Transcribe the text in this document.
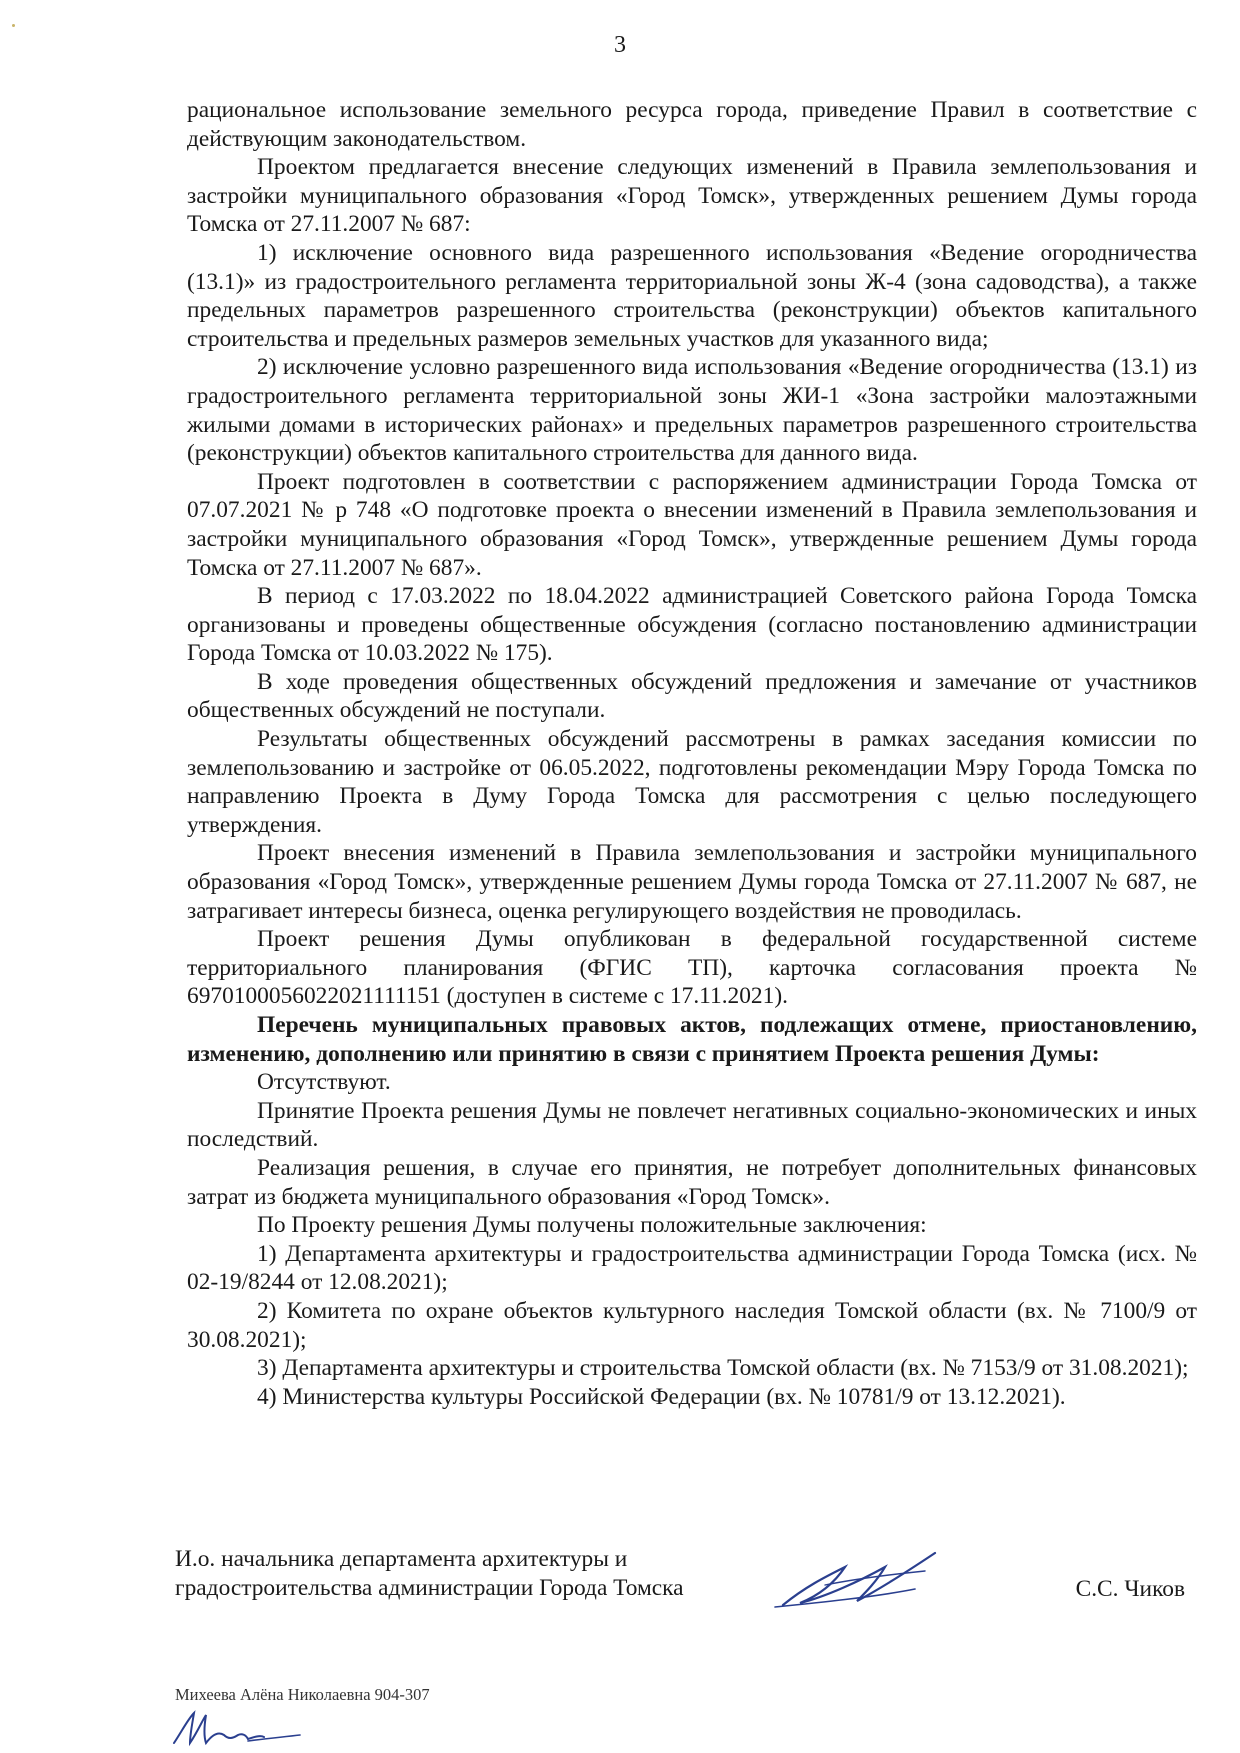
3

рациональное использование земельного ресурса города, приведение Правил в соответствие с действующим законодательством.

Проектом предлагается внесение следующих изменений в Правила землепользования и застройки муниципального образования «Город Томск», утвержденных решением Думы города Томска от 27.11.2007 № 687:

1) исключение основного вида разрешенного использования «Ведение огородничества (13.1)» из градостроительного регламента территориальной зоны Ж-4 (зона садоводства), а также предельных параметров разрешенного строительства (реконструкции) объектов капитального строительства и предельных размеров земельных участков для указанного вида;

2) исключение условно разрешенного вида использования «Ведение огородничества (13.1) из градостроительного регламента территориальной зоны ЖИ-1 «Зона застройки малоэтажными жилыми домами в исторических районах» и предельных параметров разрешенного строительства (реконструкции) объектов капитального строительства для данного вида.

Проект подготовлен в соответствии с распоряжением администрации Города Томска от 07.07.2021 № р 748 «О подготовке проекта о внесении изменений в Правила землепользования и застройки муниципального образования «Город Томск», утвержденные решением Думы города Томска от 27.11.2007 № 687».

В период с 17.03.2022 по 18.04.2022 администрацией Советского района Города Томска организованы и проведены общественные обсуждения (согласно постановлению администрации Города Томска от 10.03.2022 № 175).

В ходе проведения общественных обсуждений предложения и замечание от участников общественных обсуждений не поступали.

Результаты общественных обсуждений рассмотрены в рамках заседания комиссии по землепользованию и застройке от 06.05.2022, подготовлены рекомендации Мэру Города Томска по направлению Проекта в Думу Города Томска для рассмотрения с целью последующего утверждения.

Проект внесения изменений в Правила землепользования и застройки муниципального образования «Город Томск», утвержденные решением Думы города Томска от 27.11.2007 № 687, не затрагивает интересы бизнеса, оценка регулирующего воздействия не проводилась.

Проект решения Думы опубликован в федеральной государственной системе территориального планирования (ФГИС ТП), карточка согласования проекта № 6970100056022021111151 (доступен в системе с 17.11.2021).

Перечень муниципальных правовых актов, подлежащих отмене, приостановлению, изменению, дополнению или принятию в связи с принятием Проекта решения Думы:

Отсутствуют.

Принятие Проекта решения Думы не повлечет негативных социально-экономических и иных последствий.

Реализация решения, в случае его принятия, не потребует дополнительных финансовых затрат из бюджета муниципального образования «Город Томск».

По Проекту решения Думы получены положительные заключения:

1) Департамента архитектуры и градостроительства администрации Города Томска (исх. № 02-19/8244 от 12.08.2021);

2) Комитета по охране объектов культурного наследия Томской области (вх. № 7100/9 от 30.08.2021);

3) Департамента архитектуры и строительства Томской области (вх. № 7153/9 от 31.08.2021);

4) Министерства культуры Российской Федерации (вх. № 10781/9 от 13.12.2021).

И.о. начальника департамента архитектуры и
градостроительства администрации Города Томска	С.С. Чиков
Михеева Алёна Николаевна 904-307
